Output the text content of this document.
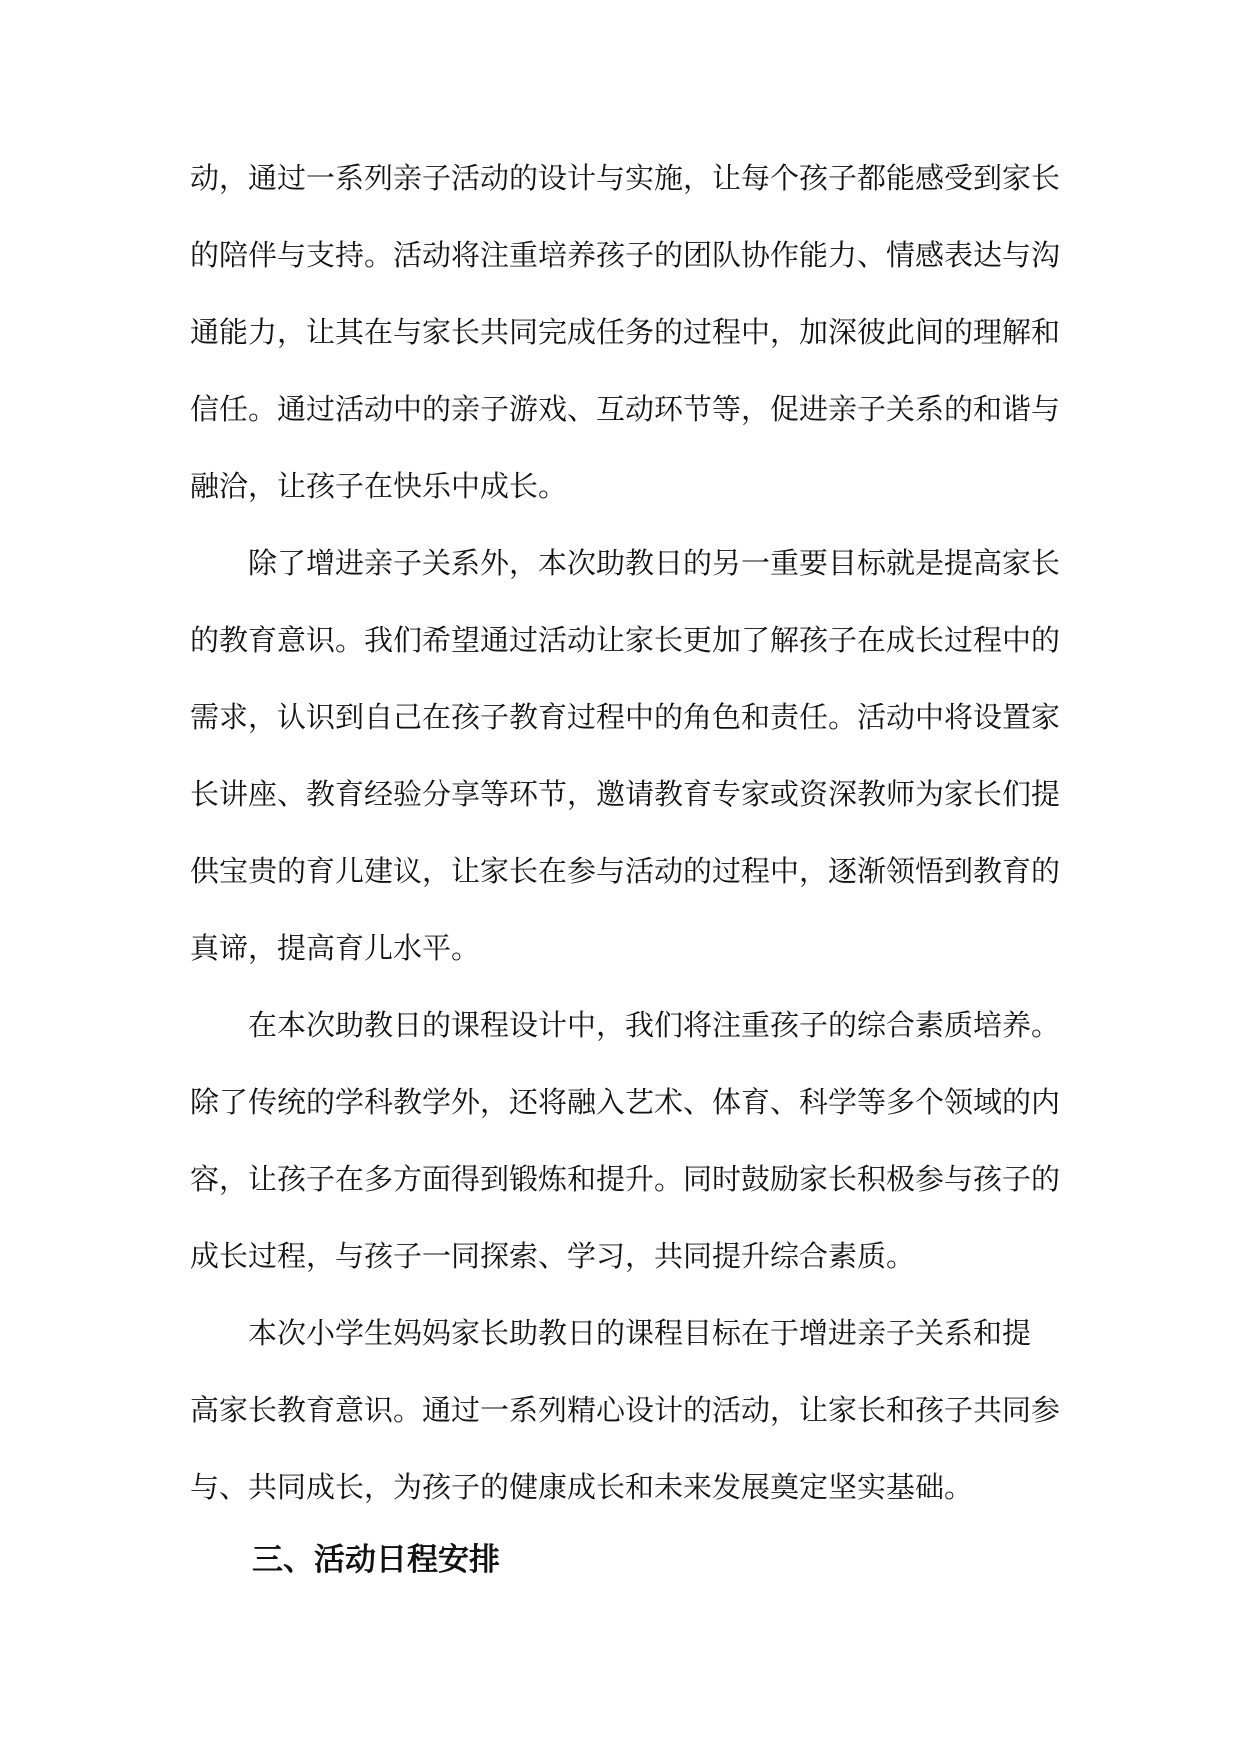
动，通过一系列亲子活动的设计与实施，让每个孩子都能感受到家长
的陪伴与支持。活动将注重培养孩子的团队协作能力、情感表达与沟
通能力，让其在与家长共同完成任务的过程中，加深彼此间的理解和
信任。通过活动中的亲子游戏、互动环节等，促进亲子关系的和谐与
融洽，让孩子在快乐中成长。

除了增进亲子关系外，本次助教日的另一重要目标就是提高家长
的教育意识。我们希望通过活动让家长更加了解孩子在成长过程中的
需求，认识到自己在孩子教育过程中的角色和责任。活动中将设置家
长讲座、教育经验分享等环节，邀请教育专家或资深教师为家长们提
供宝贵的育儿建议，让家长在参与活动的过程中，逐渐领悟到教育的
真谛，提高育儿水平。

在本次助教日的课程设计中，我们将注重孩子的综合素质培养。
除了传统的学科教学外，还将融入艺术、体育、科学等多个领域的内
容，让孩子在多方面得到锻炼和提升。同时鼓励家长积极参与孩子的
成长过程，与孩子一同探索、学习，共同提升综合素质。

本次小学生妈妈家长助教日的课程目标在于增进亲子关系和提
高家长教育意识。通过一系列精心设计的活动，让家长和孩子共同参
与、共同成长，为孩子的健康成长和未来发展奠定坚实基础。

三、活动日程安排
